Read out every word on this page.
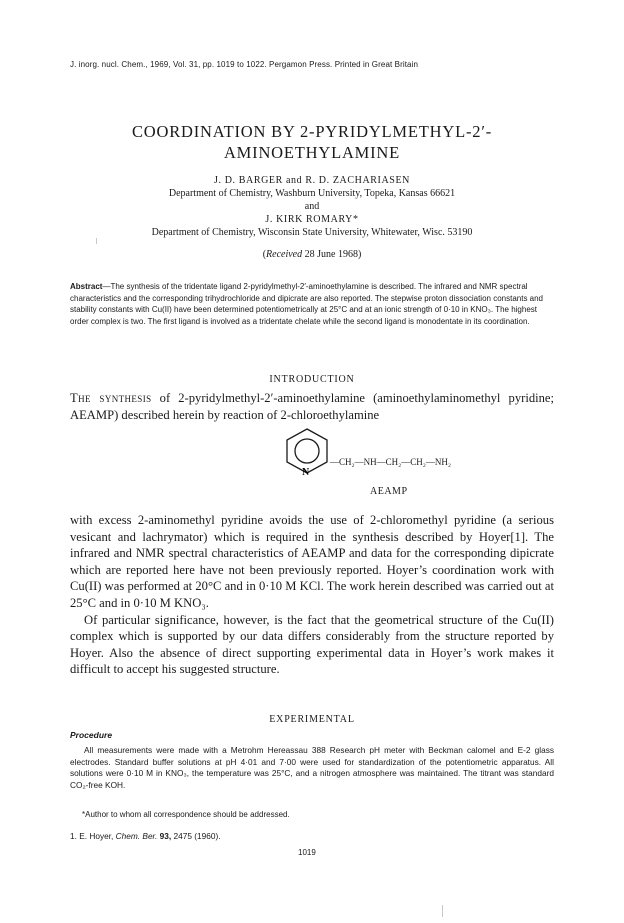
J. inorg. nucl. Chem., 1969, Vol. 31, pp. 1019 to 1022. Pergamon Press. Printed in Great Britain
COORDINATION BY 2-PYRIDYLMETHYL-2′-
AMINOETHYLAMINE
J. D. BARGER and R. D. ZACHARIASEN
Department of Chemistry, Washburn University, Topeka, Kansas 66621
and
J. KIRK ROMARY*
Department of Chemistry, Wisconsin State University, Whitewater, Wisc. 53190
(Received 28 June 1968)
Abstract—The synthesis of the tridentate ligand 2-pyridylmethyl-2′-aminoethylamine is described. The infrared and NMR spectral characteristics and the corresponding trihydrochloride and dipicrate are also reported. The stepwise proton dissociation constants and stability constants with Cu(II) have been determined potentiometrically at 25°C and at an ionic strength of 0·10 in KNO₃. The highest order complex is two. The first ligand is involved as a tridentate chelate while the second ligand is monodentate in its coordination.
INTRODUCTION

The synthesis of 2-pyridylmethyl-2′-aminoethylamine (aminoethylaminomethyl pyridine; AEAMP) described herein by reaction of 2-chloroethylamine

N
—CH₂—NH—CH₂—CH₂—NH₂
AEAMP

with excess 2-aminomethyl pyridine avoids the use of 2-chloromethyl pyridine (a serious vesicant and lachrymator) which is required in the synthesis described by Hoyer[1]. The infrared and NMR spectral characteristics of AEAMP and data for the corresponding dipicrate which are reported here have not been previously reported. Hoyer’s coordination work with Cu(II) was performed at 20°C and in 0·10 M KCl. The work herein described was carried out at 25°C and in 0·10 M KNO₃.

Of particular significance, however, is the fact that the geometrical structure of the Cu(II) complex which is supported by our data differs considerably from the structure reported by Hoyer. Also the absence of direct supporting experimental data in Hoyer’s work makes it difficult to accept his suggested structure.

EXPERIMENTAL
Procedure

All measurements were made with a Metrohm Hereassau 388 Research pH meter with Beckman calomel and E-2 glass electrodes. Standard buffer solutions at pH 4·01 and 7·00 were used for standardization of the potentiometric apparatus. All solutions were 0·10 M in KNO₃, the temperature was 25°C, and a nitrogen atmosphere was maintained. The titrant was standard CO₂-free KOH.

*Author to whom all correspondence should be addressed.
1. E. Hoyer, Chem. Ber. 93, 2475 (1960).
1019
